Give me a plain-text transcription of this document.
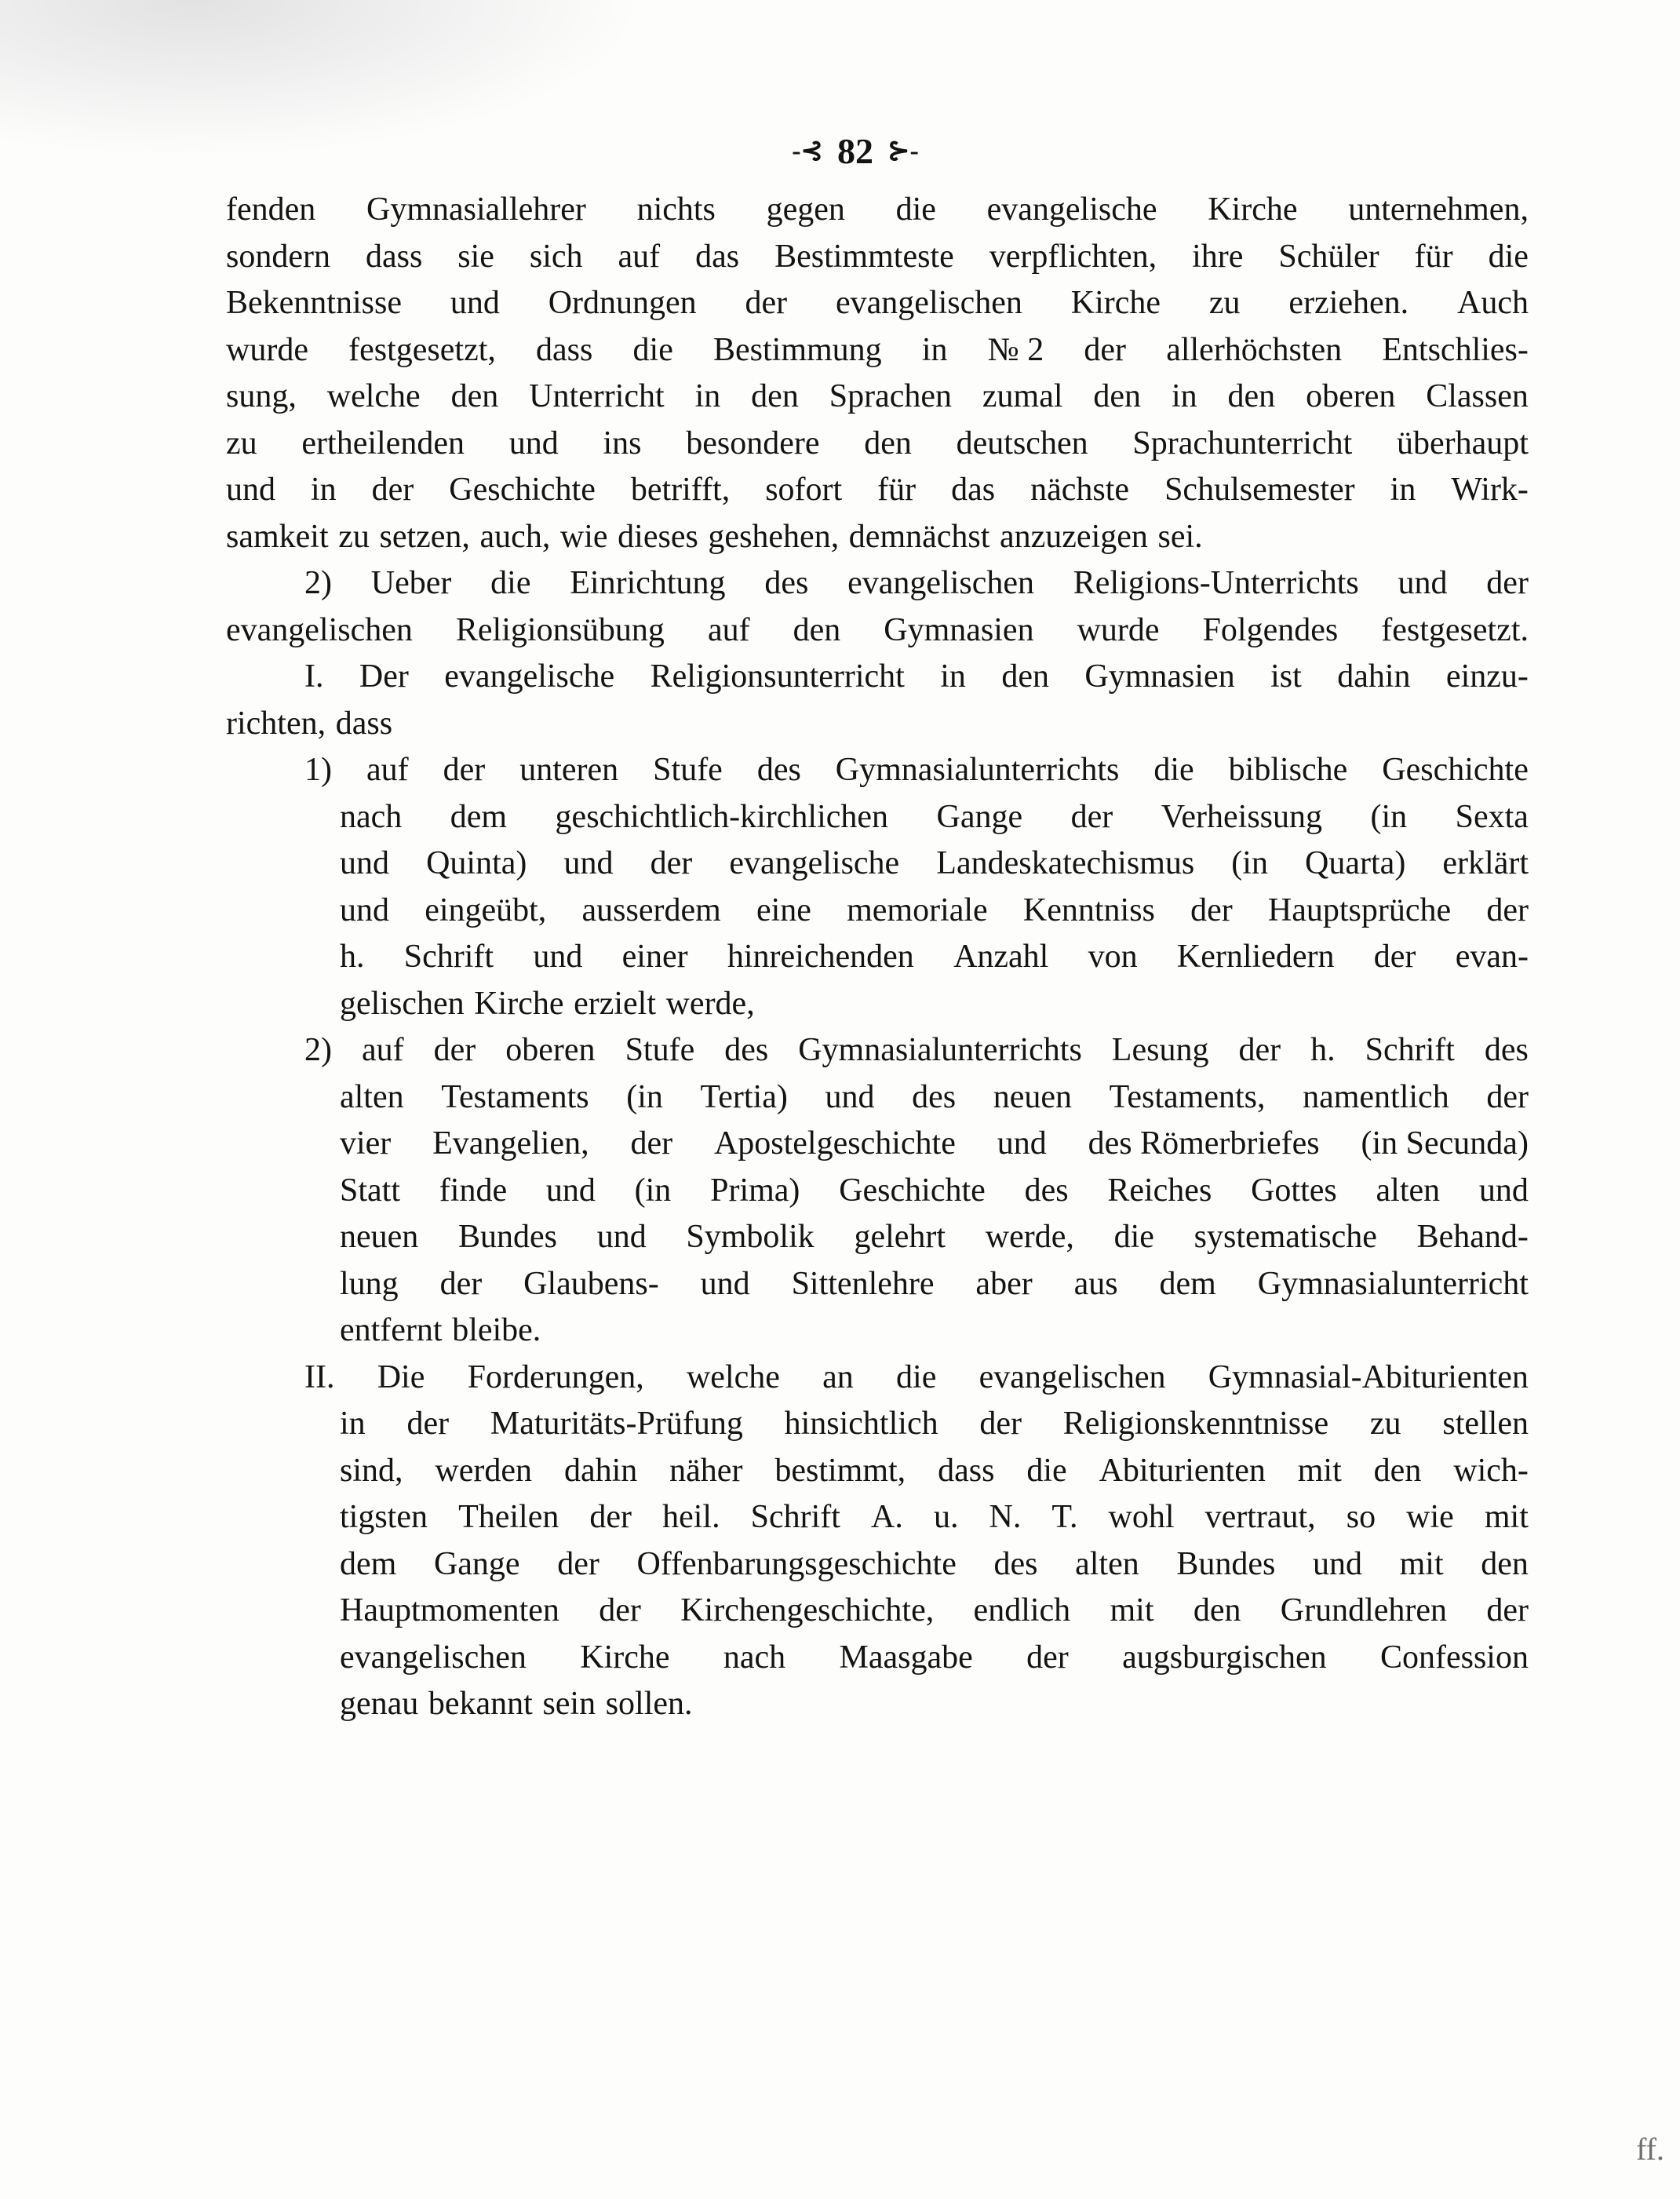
-⊰ 82 ⊱-
fenden Gymnasiallehrer nichts gegen die evangelische Kirche unternehmen,
sondern dass sie sich auf das Bestimmteste verpflichten, ihre Schüler für die
Bekenntnisse und Ordnungen der evangelischen Kirche zu erziehen. Auch
wurde festgesetzt, dass die Bestimmung in № 2 der allerhöchsten Entschlies-
sung, welche den Unterricht in den Sprachen zumal den in den oberen Classen
zu ertheilenden und ins besondere den deutschen Sprachunterricht überhaupt
und in der Geschichte betrifft, sofort für das nächste Schulsemester in Wirk-
samkeit zu setzen, auch, wie dieses geshehen, demnächst anzuzeigen sei.
2) Ueber die Einrichtung des evangelischen Religions-Unterrichts und der
evangelischen Religionsübung auf den Gymnasien wurde Folgendes festgesetzt.
I. Der evangelische Religionsunterricht in den Gymnasien ist dahin einzu-
richten, dass
1) auf der unteren Stufe des Gymnasialunterrichts die biblische Geschichte
nach dem geschichtlich-kirchlichen Gange der Verheissung (in Sexta
und Quinta) und der evangelische Landeskatechismus (in Quarta) erklärt
und eingeübt, ausserdem eine memoriale Kenntniss der Hauptsprüche der
h. Schrift und einer hinreichenden Anzahl von Kernliedern der evan-
gelischen Kirche erzielt werde,
2) auf der oberen Stufe des Gymnasialunterrichts Lesung der h. Schrift des
alten Testaments (in Tertia) und des neuen Testaments, namentlich der
vier Evangelien, der Apostelgeschichte und des Römerbriefes (in Secunda)
Statt finde und (in Prima) Geschichte des Reiches Gottes alten und
neuen Bundes und Symbolik gelehrt werde, die systematische Behand-
lung der Glaubens- und Sittenlehre aber aus dem Gymnasialunterricht
entfernt bleibe.
II. Die Forderungen, welche an die evangelischen Gymnasial-Abiturienten
in der Maturitäts-Prüfung hinsichtlich der Religionskenntnisse zu stellen
sind, werden dahin näher bestimmt, dass die Abiturienten mit den wich-
tigsten Theilen der heil. Schrift A. u. N. T. wohl vertraut, so wie mit
dem Gange der Offenbarungsgeschichte des alten Bundes und mit den
Hauptmomenten der Kirchengeschichte, endlich mit den Grundlehren der
evangelischen Kirche nach Maasgabe der augsburgischen Confession
genau bekannt sein sollen.
ff.
